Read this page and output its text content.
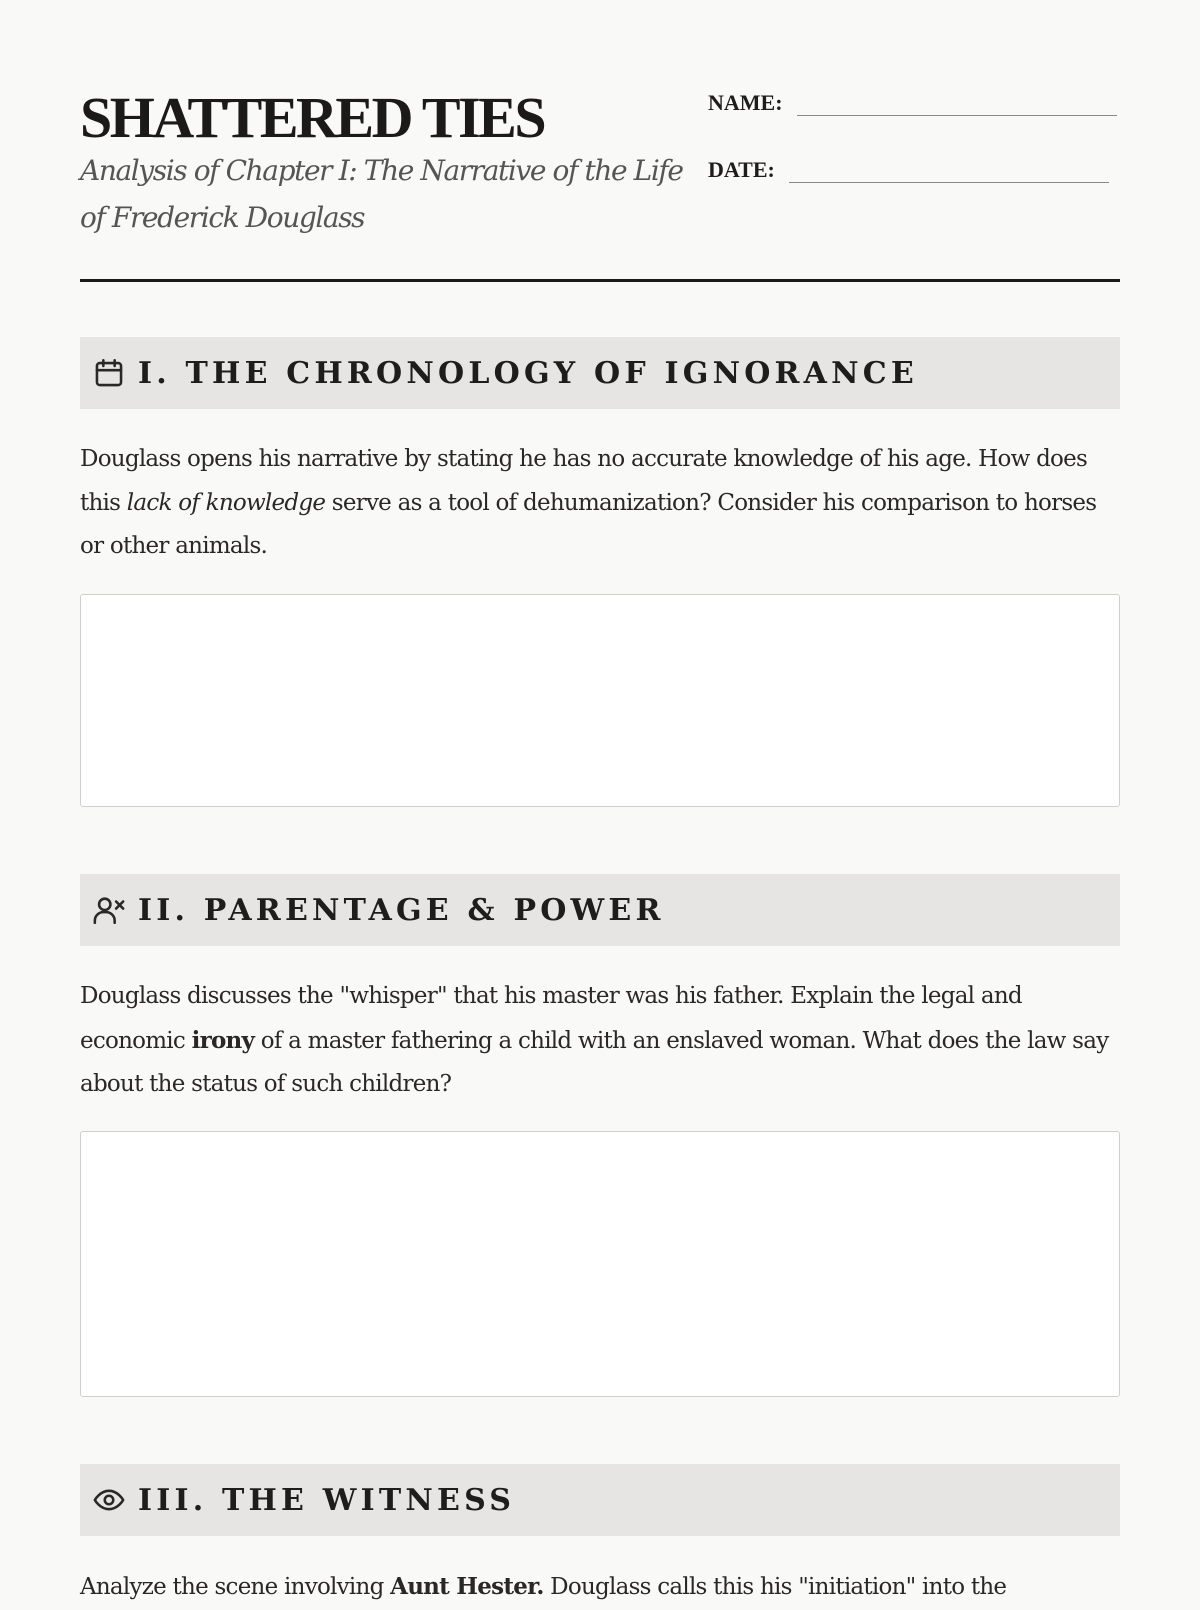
SHATTERED TIES
Analysis of Chapter I: The Narrative of the Life of Frederick Douglass
NAME:
DATE:
I. THE CHRONOLOGY OF IGNORANCE

Douglass opens his narrative by stating he has no accurate knowledge of his age. How does this lack of knowledge serve as a tool of dehumanization? Consider his comparison to horses or other animals.

II. PARENTAGE & POWER

Douglass discusses the "whisper" that his master was his father. Explain the legal and economic irony of a master fathering a child with an enslaved woman. What does the law say about the status of such children?

III. THE WITNESS

Analyze the scene involving Aunt Hester. Douglass calls this his "initiation" into the
